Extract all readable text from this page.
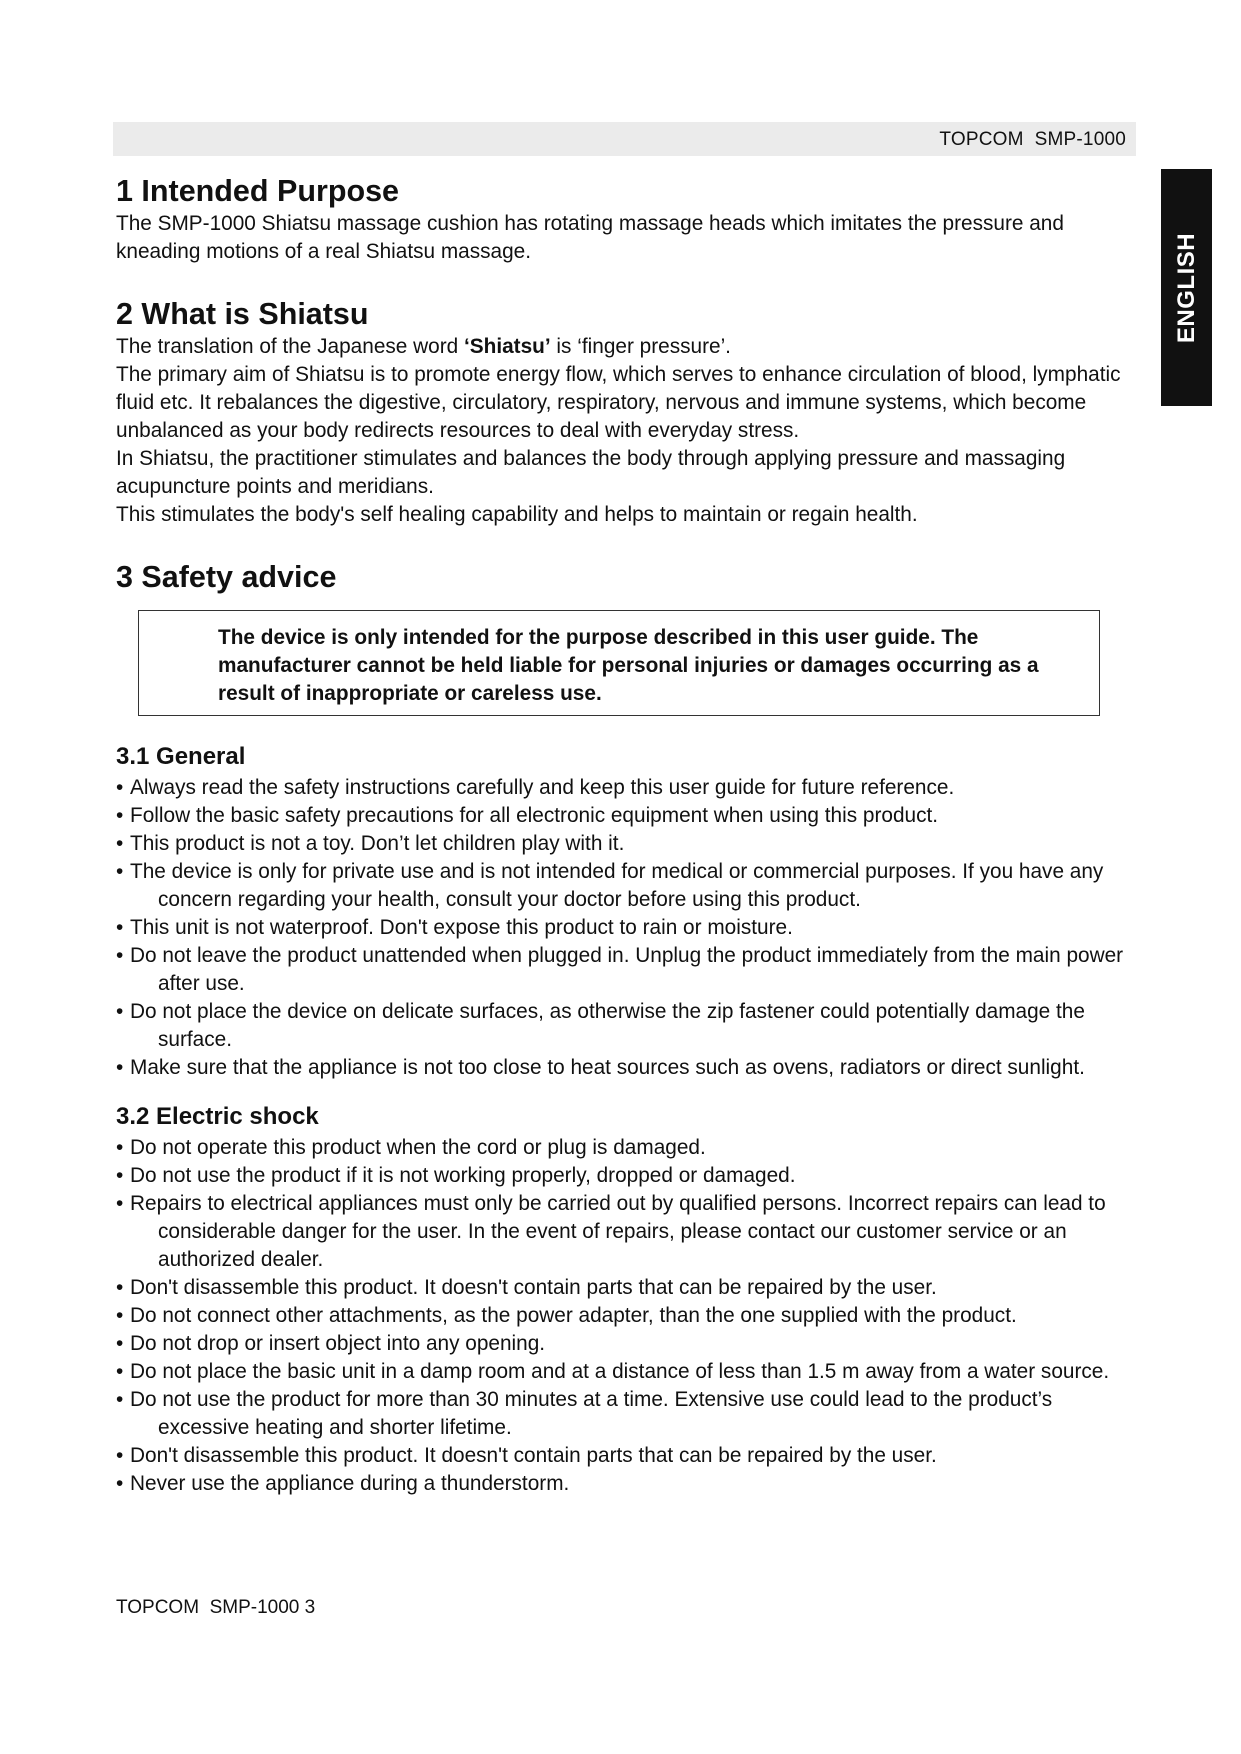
TOPCOM  SMP-1000
ENGLISH
1 Intended Purpose

The SMP-1000 Shiatsu massage cushion has rotating massage heads which imitates the pressure and kneading motions of a real Shiatsu massage.

2 What is Shiatsu

The translation of the Japanese word ‘Shiatsu’ is ‘finger pressure’.

The primary aim of Shiatsu is to promote energy flow, which serves to enhance circulation of blood, lymphatic fluid etc. It rebalances the digestive, circulatory, respiratory, nervous and immune systems, which become unbalanced as your body redirects resources to deal with everyday stress.

In Shiatsu, the practitioner stimulates and balances the body through applying pressure and massaging acupuncture points and meridians.

This stimulates the body's self healing capability and helps to maintain or regain health.

3 Safety advice

The device is only intended for the purpose described in this user guide. The manufacturer cannot be held liable for personal injuries or damages occurring as a result of inappropriate or careless use.

3.1 General
• Always read the safety instructions carefully and keep this user guide for future reference.
• Follow the basic safety precautions for all electronic equipment when using this product.
• This product is not a toy. Don’t let children play with it.
• The device is only for private use and is not intended for medical or commercial purposes. If you have any concern regarding your health, consult your doctor before using this product.
• This unit is not waterproof. Don't expose this product to rain or moisture.
• Do not leave the product unattended when plugged in. Unplug the product immediately from the main power after use.
• Do not place the device on delicate surfaces, as otherwise the zip fastener could potentially damage the surface.
• Make sure that the appliance is not too close to heat sources such as ovens, radiators or direct sunlight.
3.2 Electric shock
• Do not operate this product when the cord or plug is damaged.
• Do not use the product if it is not working properly, dropped or damaged.
• Repairs to electrical appliances must only be carried out by qualified persons. Incorrect repairs can lead to considerable danger for the user. In the event of repairs, please contact our customer service or an authorized dealer.
• Don't disassemble this product. It doesn't contain parts that can be repaired by the user.
• Do not connect other attachments, as the power adapter, than the one supplied with the product.
• Do not drop or insert object into any opening.
• Do not place the basic unit in a damp room and at a distance of less than 1.5 m away from a water source.
• Do not use the product for more than 30 minutes at a time. Extensive use could lead to the product’s excessive heating and shorter lifetime.
• Don't disassemble this product. It doesn't contain parts that can be repaired by the user.
• Never use the appliance during a thunderstorm.
TOPCOM  SMP-1000 3
